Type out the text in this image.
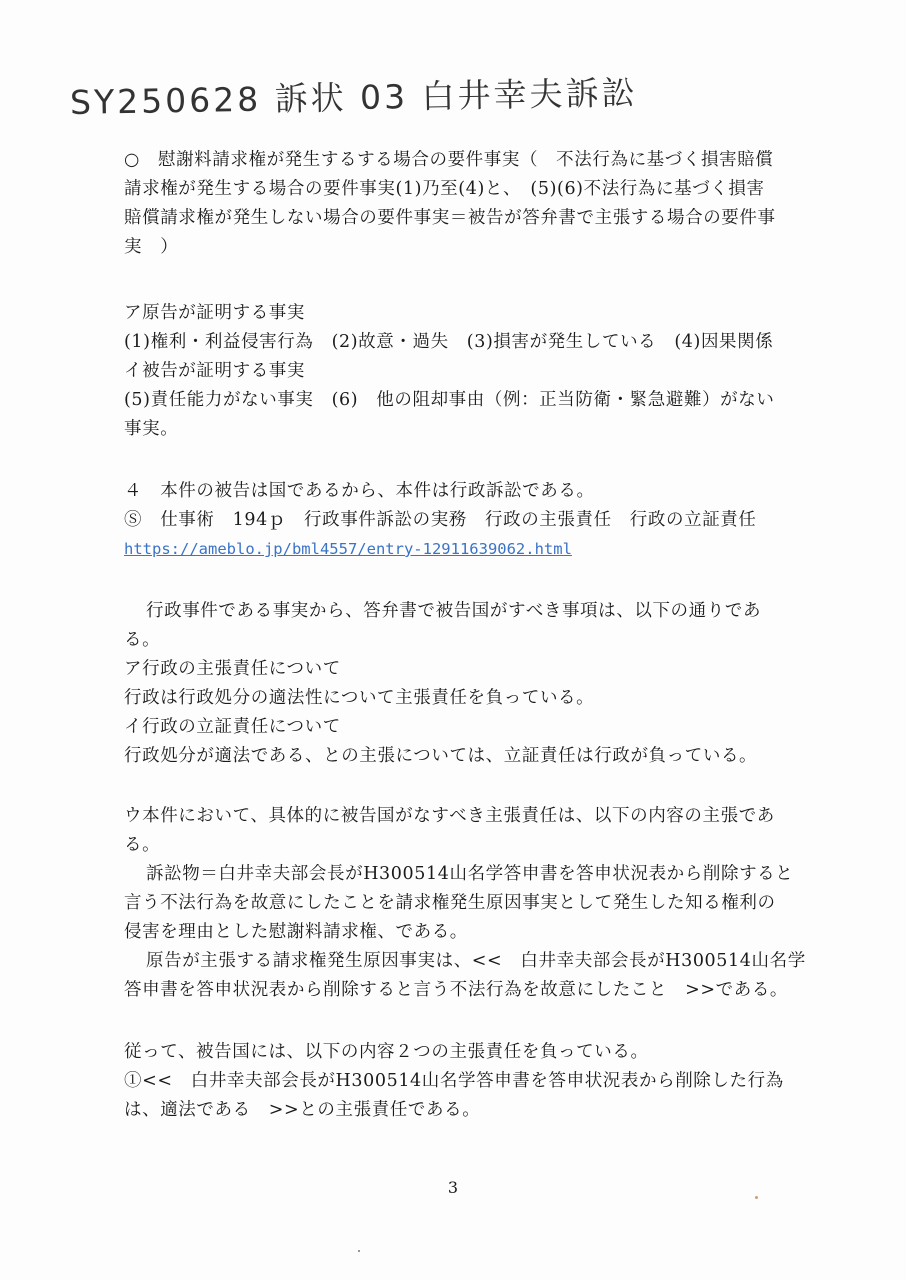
SY250628 訴状 03 白井幸夫訴訟
○　慰謝料請求権が発生するする場合の要件事実（　不法行為に基づく損害賠償
請求権が発生する場合の要件事実(1)乃至(4)と、　(5)(6)不法行為に基づく損害
賠償請求権が発生しない場合の要件事実＝被告が答弁書で主張する場合の要件事
実　）
ア原告が証明する事実
(1)権利・利益侵害行為　(2)故意・過失　(3)損害が発生している　(4)因果関係
イ被告が証明する事実
(5)責任能力がない事実　(6)　他の阻却事由（例：正当防衛・緊急避難）がない
事実。
４　本件の被告は国であるから、本件は行政訴訟である。
Ⓢ　仕事術　194ｐ　行政事件訴訟の実務　行政の主張責任　行政の立証責任
https://ameblo.jp/bml4557/entry-12911639062.html
行政事件である事実から、答弁書で被告国がすべき事項は、以下の通りであ
る。
ア行政の主張責任について
行政は行政処分の適法性について主張責任を負っている。
イ行政の立証責任について
行政処分が適法である、との主張については、立証責任は行政が負っている。
ウ本件において、具体的に被告国がなすべき主張責任は、以下の内容の主張であ
る。
訴訟物＝白井幸夫部会長がH300514山名学答申書を答申状況表から削除すると
言う不法行為を故意にしたことを請求権発生原因事実として発生した知る権利の
侵害を理由とした慰謝料請求権、である。
原告が主張する請求権発生原因事実は、<<　白井幸夫部会長がH300514山名学
答申書を答申状況表から削除すると言う不法行為を故意にしたこと　>>である。
従って、被告国には、以下の内容２つの主張責任を負っている。
①<<　白井幸夫部会長がH300514山名学答申書を答申状況表から削除した行為
は、適法である　>>との主張責任である。
3
